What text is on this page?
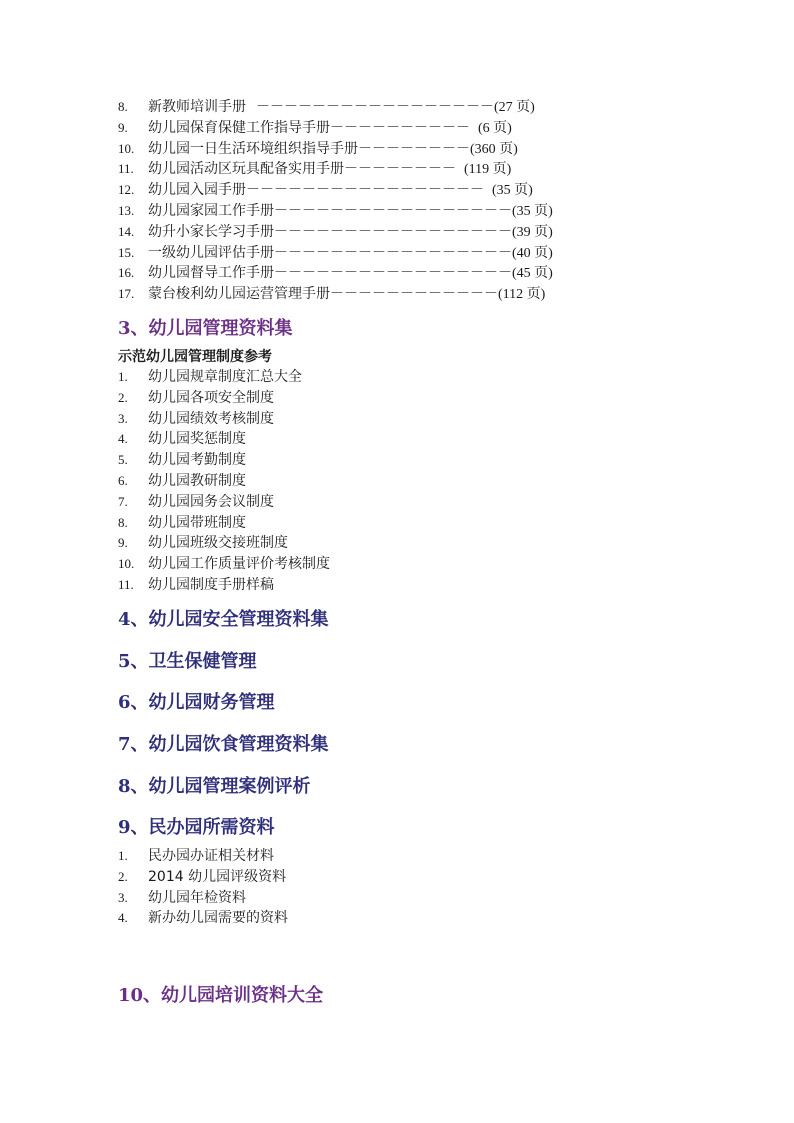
8.	新教师培训手册 －－－－－－－－－－－－－－－－－ (27 页)
9.	幼儿园保育保健工作指导手册 －－－－－－－－－－ (6 页)
10. 幼儿园一日生活环境组织指导手册 －－－－－－－－ (360 页)
11.	幼儿园活动区玩具配备实用手册 －－－－－－－－ (119 页)
12. 幼儿园入园手册 －－－－－－－－－－－－－－－－－ (35 页)
13. 幼儿园家园工作手册 －－－－－－－－－－－－－－－－－ (35 页)
14. 幼升小家长学习手册 －－－－－－－－－－－－－－－－－ (39 页)
15. 一级幼儿园评估手册 －－－－－－－－－－－－－－－－－ (40 页)
16. 幼儿园督导工作手册 －－－－－－－－－－－－－－－－－ (45 页)
17. 蒙台梭利幼儿园运营管理手册 －－－－－－－－－－－－ (112 页)
3、幼儿园管理资料集
示范幼儿园管理制度参考
1.	幼儿园规章制度汇总大全
2.	幼儿园各项安全制度
3.	幼儿园绩效考核制度
4.	幼儿园奖惩制度
5.	幼儿园考勤制度
6.	幼儿园教研制度
7.	幼儿园园务会议制度
8.	幼儿园带班制度
9.	幼儿园班级交接班制度
10. 幼儿园工作质量评价考核制度
11.	幼儿园制度手册样稿
4、幼儿园安全管理资料集
5、卫生保健管理
6、幼儿园财务管理
7、幼儿园饮食管理资料集
8、幼儿园管理案例评析
9、民办园所需资料
1.	民办园办证相关材料
2.	2014 幼儿园评级资料
3.	幼儿园年检资料
4.	新办幼儿园需要的资料
10、幼儿园培训资料大全
